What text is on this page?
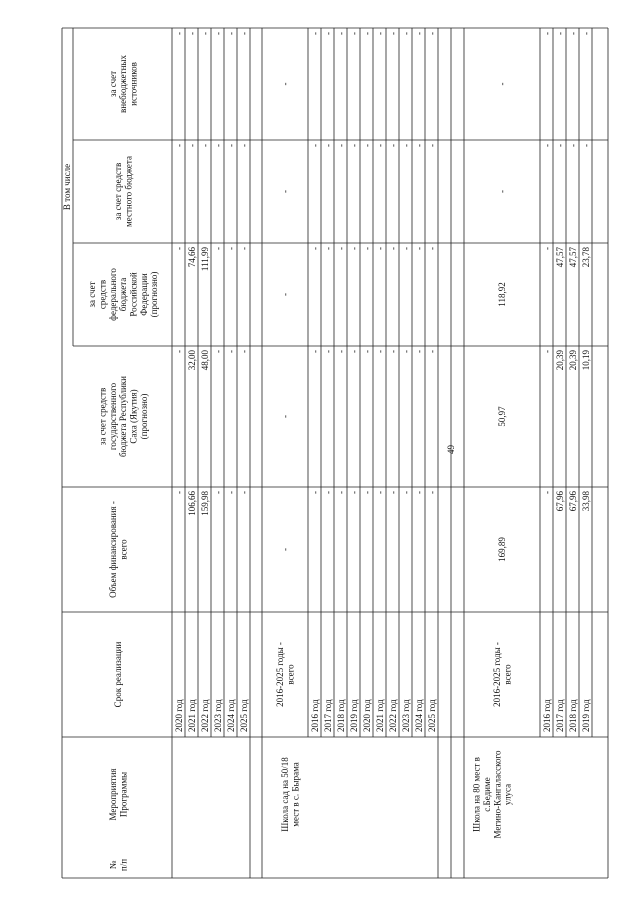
49
№п/п
МероприятияПрограммы
Срок реализации
Объем финансирования -всего
В том числе
за счет средствгосударственногобюджета РеспубликиСаха (Якутия)(прогнозно)
за счетсредствфедеральногобюджетаРоссийскойФедерации(прогнозно)
за счет средствместного бюджета
за счетвнебюджетныхисточников
2020 год
-
-
-
-
-
2021 год
106,66
32,00
74,66
-
-
2022 год
159,98
48,00
111,99
-
-
2023 год
-
-
-
-
-
2024 год
-
-
-
-
-
2025 год
-
-
-
-
-
Школа сад на 50/18мест в с. Бырама
2016-2025 годы -всего
-
-
-
-
-
2016 год
-
-
-
-
-
2017 год
-
-
-
-
-
2018 год
-
-
-
-
-
2019 год
-
-
-
-
-
2020 год
-
-
-
-
-
2021 год
-
-
-
-
-
2022 год
-
-
-
-
-
2023 год
-
-
-
-
-
2024 год
-
-
-
-
-
2025 год
-
-
-
-
-
Школа на 80 мест вс.БедимеМегино-Кангаласскогоулуса
2016-2025 годы -всего
169,89
50,97
118,92
-
-
2016 год
-
-
-
-
-
2017 год
67,96
20,39
47,57
-
-
2018 год
67,96
20,39
47,57
-
-
2019 год
33,98
10,19
23,78
-
-
